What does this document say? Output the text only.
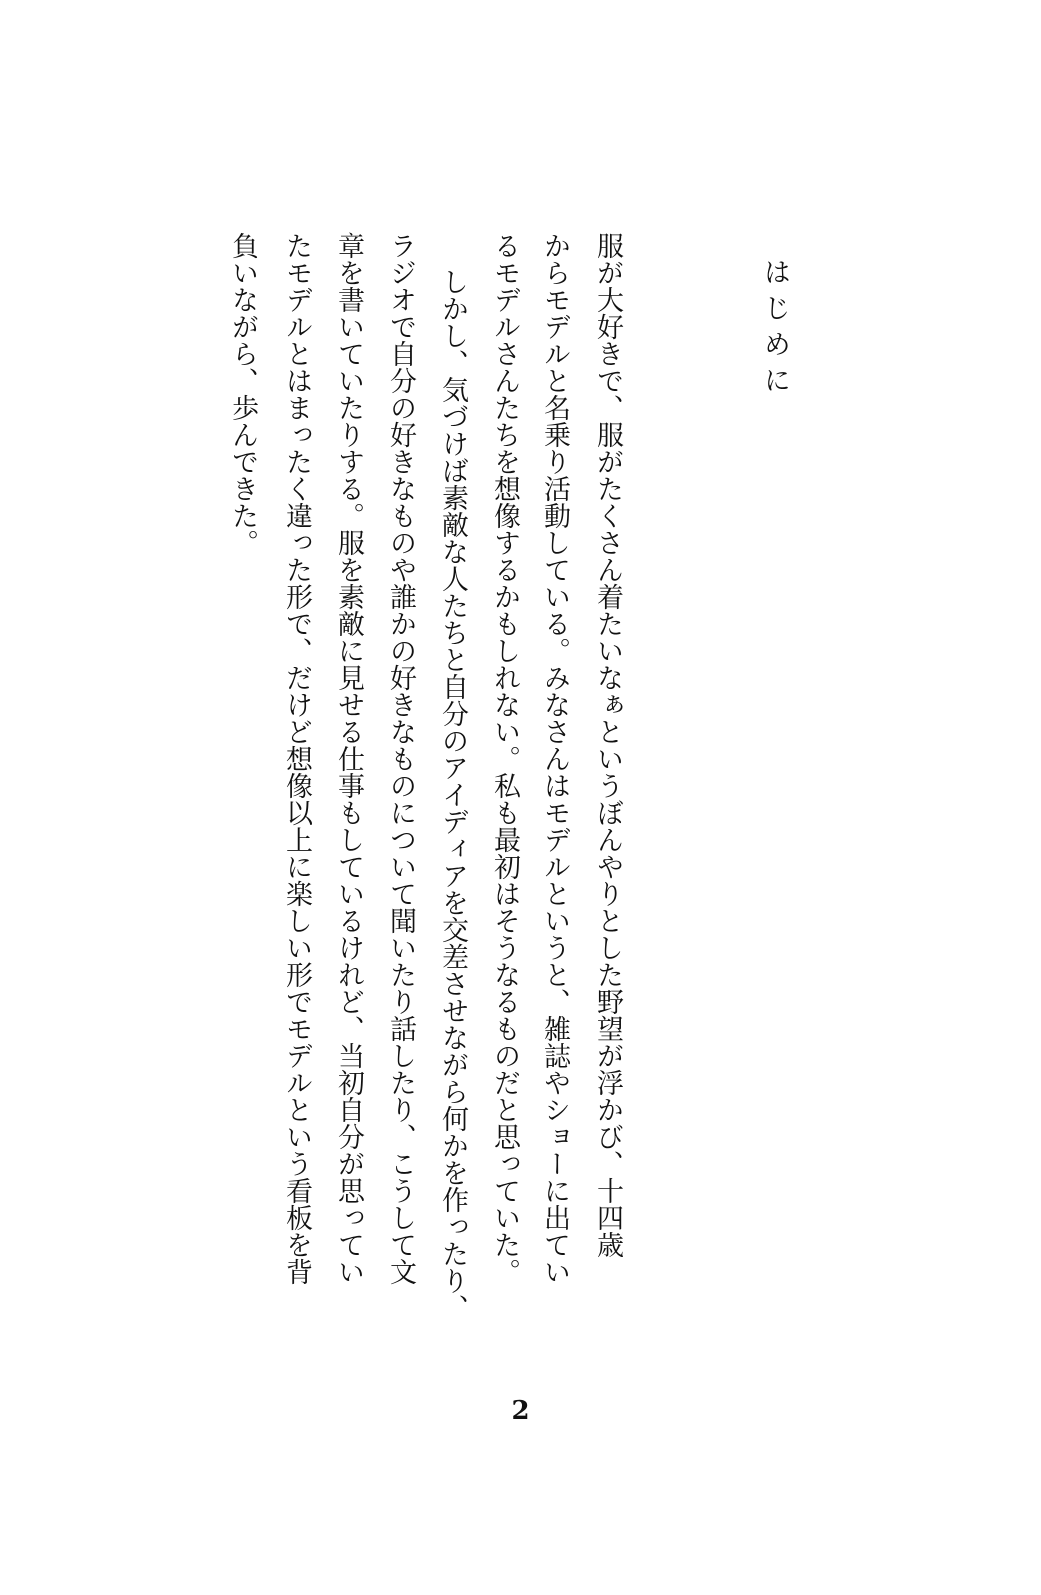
はじめに
服が大好きで、服がたくさん着たいなぁというぼんやりとした野望が浮かび、十四歳
からモデルと名乗り活動している。みなさんはモデルというと、雑誌やショーに出てい
るモデルさんたちを想像するかもしれない。私も最初はそうなるものだと思っていた。
しかし、気づけば素敵な人たちと自分のアイディアを交差させながら何かを作ったり、
ラジオで自分の好きなものや誰かの好きなものについて聞いたり話したり、こうして文
章を書いていたりする。服を素敵に見せる仕事もしているけれど、当初自分が思ってい
たモデルとはまったく違った形で、だけど想像以上に楽しい形でモデルという看板を背
負いながら、歩んできた。
2
